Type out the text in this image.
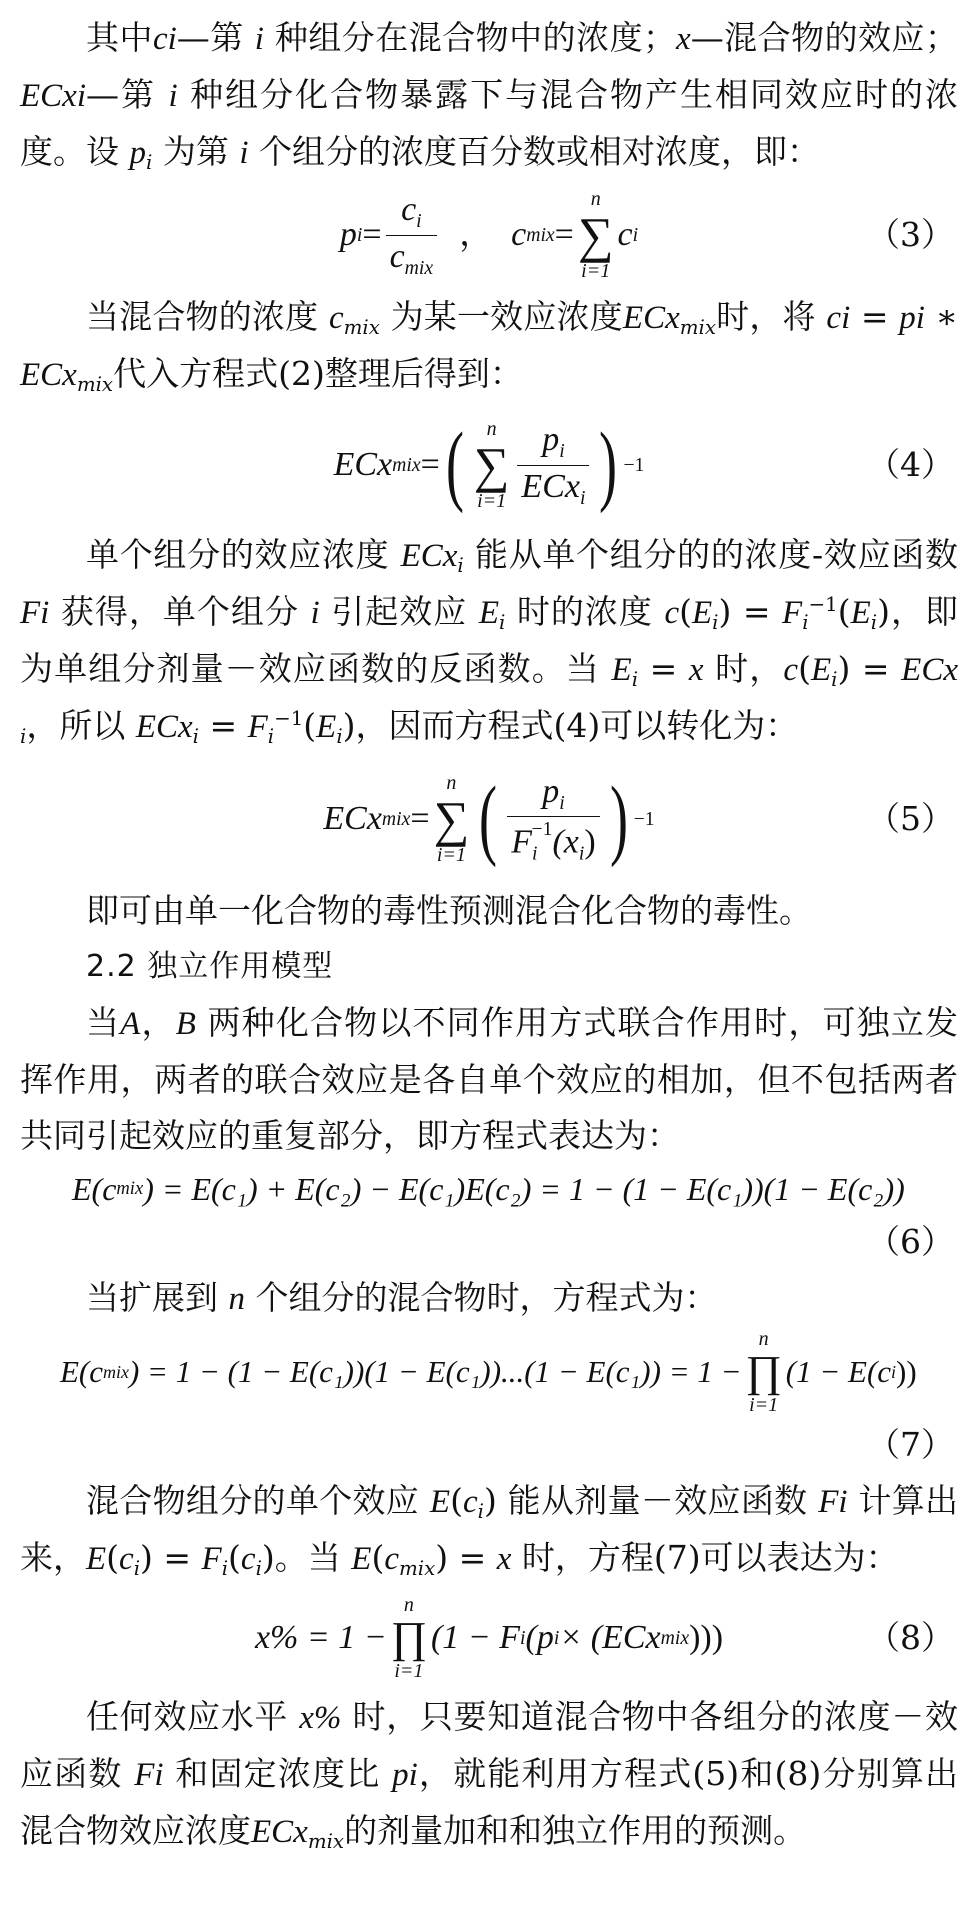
其中ci—第 i 种组分在混合物中的浓度；x—混合物的效应；ECxi—第 i 种组分化合物暴露下与混合物产生相同效应时的浓度。设 pi 为第 i 个组分的浓度百分数或相对浓度，即：

p $i = \frac{c_i}{c_{mix}}$ ， c mix =
n
∑
i=1
c i	（3）

当混合物的浓度 cmix 为某一效应浓度ECxmix时，将 ci = pi ∗ ECxmix代入方程式(2)整理后得到：

ECx mix = ( n
∑
$i=1 \frac{p_i}{ECx_i}$ ) −1	（4）

单个组分的效应浓度 ECxi 能从单个组分的的浓度-效应函数 Fi 获得，单个组分 i 引起效应 Ei 时的浓度 $c(Ei) = Fi^{-1}(Ei)$，即为单组分剂量－效应函数的反函数。当 Ei = x 时，c(Ei) = ECxi，所以 ECxi = $Fi^{-1}(Ei)$，因而方程式(4)可以转化为：

ECx mix =
n
∑
i=1 ( $\frac{p_i}{F_i^{-1}(x_i)}$ ) −1	（5）

即可由单一化合物的毒性预测混合化合物的毒性。

2.2 独立作用模型

当A，B 两种化合物以不同作用方式联合作用时，可独立发挥作用，两者的联合效应是各自单个效应的相加，但不包括两者共同引起效应的重复部分，即方程式表达为：

E(c mix ) = E(c₁) + E(c₂) − E(c₁)E(c₂) = 1 − (1 − E(c₁))(1 − E(c₂))

（6）

当扩展到 n 个组分的混合物时，方程式为：

E(c mix ) = 1 − (1 − E(c₁))(1 − E(c₁))...(1 − E(c₁)) = 1 −
n
∏
i=1
(1 − E(c i ))

（7）

混合物组分的单个效应 E(ci) 能从剂量－效应函数 Fi 计算出来，E(ci) = Fi(ci)。当 E(cmix) = x 时，方程(7)可以表达为：

x% = 1 −
n
∏
i=1
(1 − F i (p i × (ECx mix )))	（8）

任何效应水平 x% 时，只要知道混合物中各组分的浓度－效应函数 Fi 和固定浓度比 pi，就能利用方程式(5)和(8)分别算出混合物效应浓度ECxmix的剂量加和和独立作用的预测。
